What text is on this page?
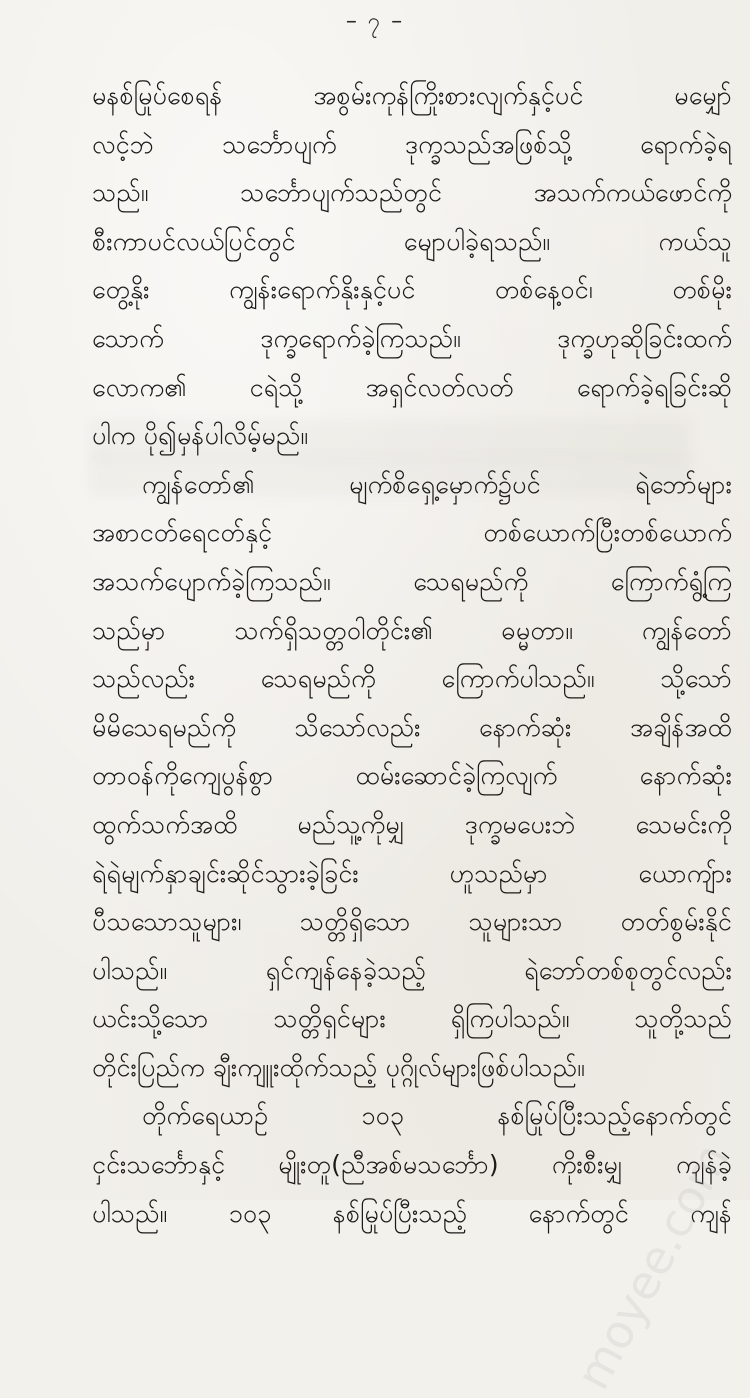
– ၇ –
မနစ်မြုပ်စေရန် အစွမ်းကုန်ကြိုးစားလျက်နှင့်ပင် မမျှော်
လင့်ဘဲ သင်္ဘောပျက် ဒုက္ခသည်အဖြစ်သို့ ရောက်ခဲ့ရ
သည်။ သင်္ဘောပျက်သည်တွင် အသက်ကယ်ဖောင်ကို
စီးကာပင်လယ်ပြင်တွင် မျောပါခဲ့ရသည်။ ကယ်သူ
တွေ့နိုး ကျွန်းရောက်နိုးနှင့်ပင် တစ်နေ့ဝင်၊ တစ်မိုး
သောက် ဒုက္ခရောက်ခဲ့ကြသည်။ ဒုက္ခဟုဆိုခြင်းထက်
လောက၏ ငရဲသို့ အရှင်လတ်လတ် ရောက်ခဲ့ရခြင်းဆို
ပါက ပို၍မှန်ပါလိမ့်မည်။
ကျွန်တော်၏ မျက်စိရှေ့မှောက်၌ပင် ရဲဘော်များ
အစာငတ်ရေငတ်နှင့် တစ်ယောက်ပြီးတစ်ယောက်
အသက်ပျောက်ခဲ့ကြသည်။ သေရမည်ကို ကြောက်ရွံ့ကြ
သည်မှာ သက်ရှိသတ္တဝါတိုင်း၏ ဓမ္မတာ။ ကျွန်တော်
သည်လည်း သေရမည်ကို ကြောက်ပါသည်။ သို့သော်
မိမိသေရမည်ကို သိသော်လည်း နောက်ဆုံး အချိန်အထိ
တာဝန်ကိုကျေပွန်စွာ ထမ်းဆောင်ခဲ့ကြလျက် နောက်ဆုံး
ထွက်သက်အထိ မည်သူ့ကိုမျှ ဒုက္ခမပေးဘဲ သေမင်းကို
ရဲရဲမျက်နှာချင်းဆိုင်သွားခဲ့ခြင်း ဟူသည်မှာ ယောကျ်ား
ပီသသောသူများ၊ သတ္တိရှိသော သူများသာ တတ်စွမ်းနိုင်
ပါသည်။ ရှင်ကျန်နေခဲ့သည့် ရဲဘော်တစ်စုတွင်လည်း
ယင်းသို့သော သတ္တိရှင်များ ရှိကြပါသည်။ သူတို့သည်
တိုင်းပြည်က ချီးကျူးထိုက်သည့် ပုဂ္ဂိုလ်များဖြစ်ပါသည်။
တိုက်ရေယာဉ် ၁၀၃ နစ်မြုပ်ပြီးသည့်နောက်တွင်
ငှင်းသင်္ဘောနှင့် မျိုးတူ(ညီအစ်မသင်္ဘော) ကိုးစီးမျှ ကျန်ခဲ့
ပါသည်။ ၁၀၃ နစ်မြုပ်ပြီးသည့် နောက်တွင် ကျန်
moyee.com
